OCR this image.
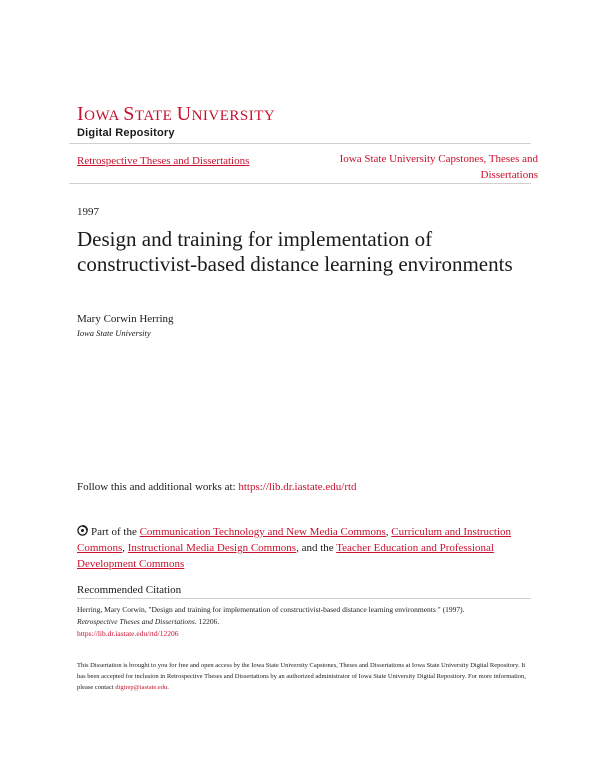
IOWA STATE UNIVERSITY
Digital Repository
Retrospective Theses and Dissertations	Iowa State University Capstones, Theses and Dissertations
1997
Design and training for implementation of constructivist-based distance learning environments
Mary Corwin Herring
Iowa State University
Follow this and additional works at: https://lib.dr.iastate.edu/rtd
Part of the Communication Technology and New Media Commons, Curriculum and Instruction Commons, Instructional Media Design Commons, and the Teacher Education and Professional Development Commons
Recommended Citation
Herring, Mary Corwin, "Design and training for implementation of constructivist-based distance learning environments " (1997).
Retrospective Theses and Dissertations. 12206.
https://lib.dr.iastate.edu/rtd/12206
This Dissertation is brought to you for free and open access by the Iowa State University Capstones, Theses and Dissertations at Iowa State University Digital Repository. It has been accepted for inclusion in Retrospective Theses and Dissertations by an authorized administrator of Iowa State University Digital Repository. For more information, please contact digirep@iastate.edu.
